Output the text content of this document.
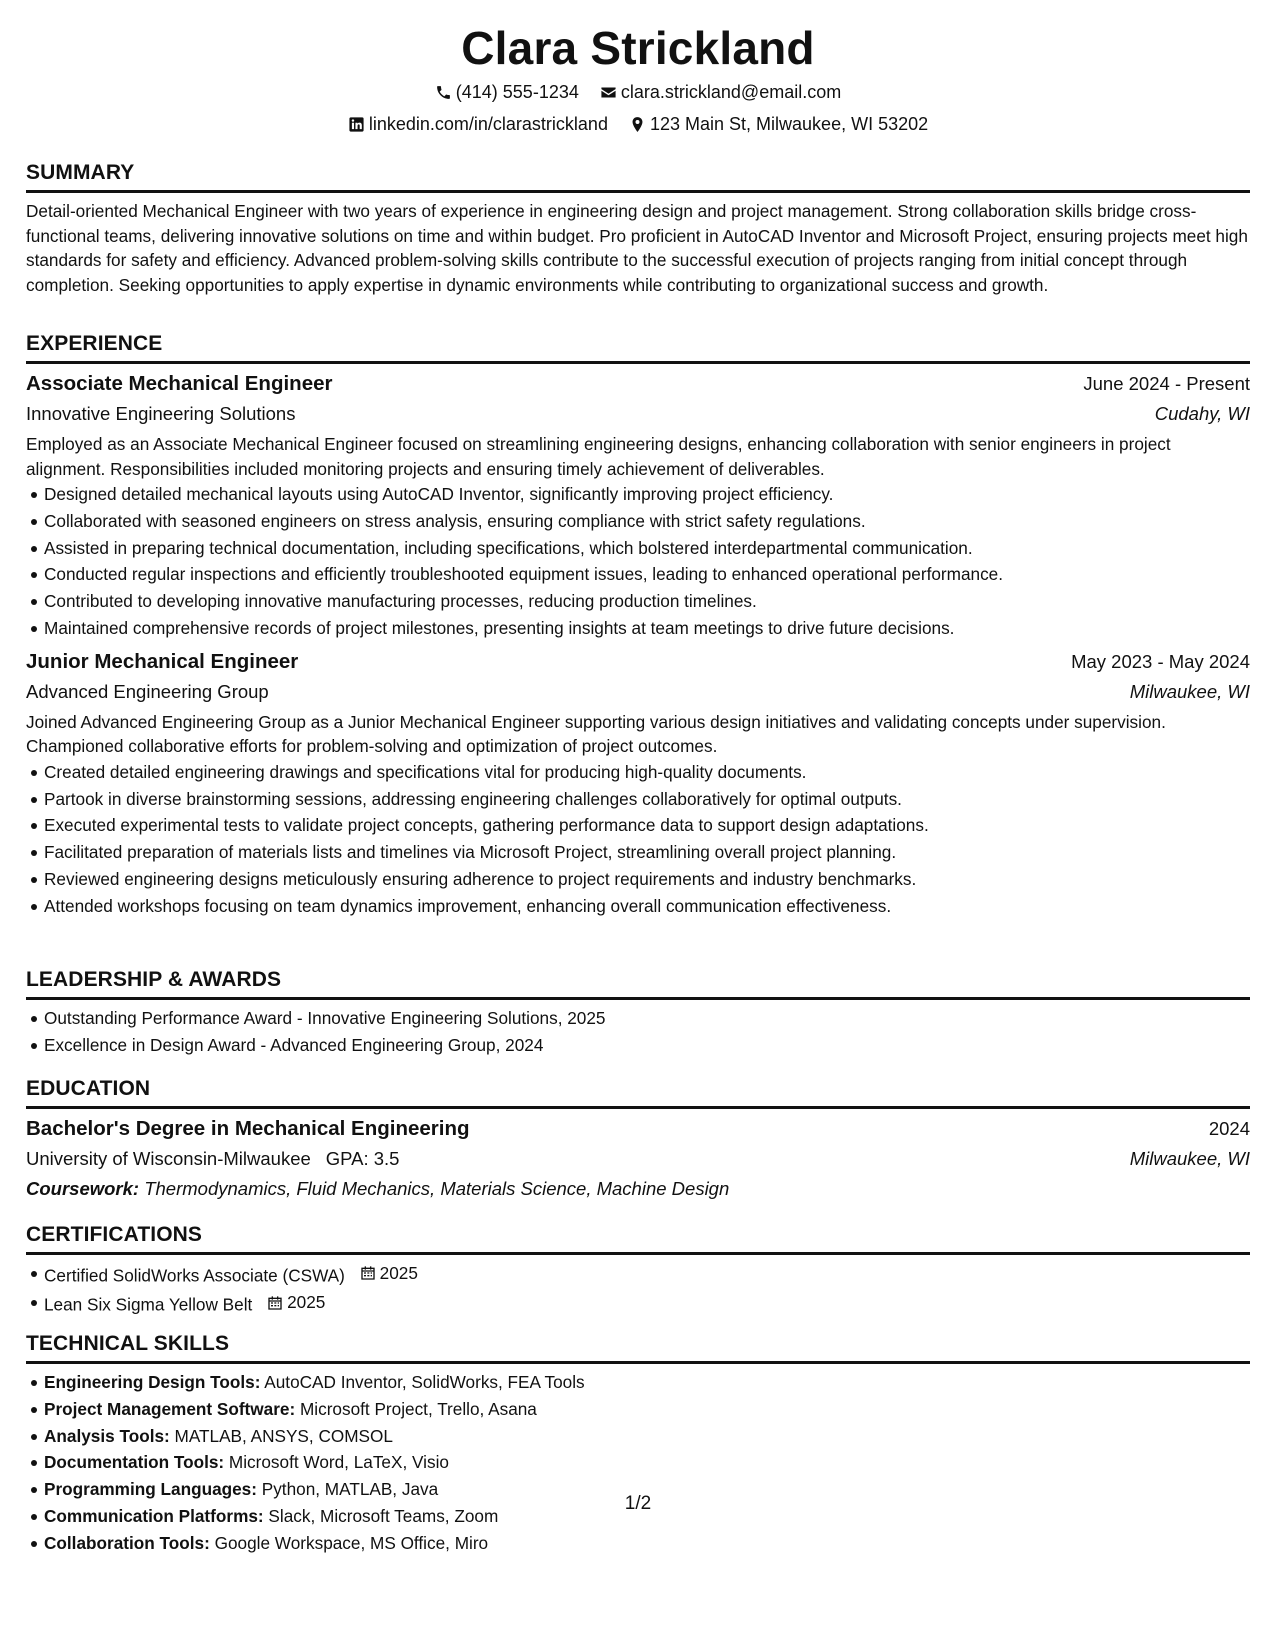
Clara Strickland
(414) 555-1234
clara.strickland@email.com
linkedin.com/in/clarastrickland
123 Main St, Milwaukee, WI 53202
SUMMARY

Detail-oriented Mechanical Engineer with two years of experience in engineering design and project management. Strong collaboration skills bridge cross-functional teams, delivering innovative solutions on time and within budget. Pro proficient in AutoCAD Inventor and Microsoft Project, ensuring projects meet high standards for safety and efficiency. Advanced problem-solving skills contribute to the successful execution of projects ranging from initial concept through completion. Seeking opportunities to apply expertise in dynamic environments while contributing to organizational success and growth.

EXPERIENCE
Associate Mechanical Engineer	June 2024 - Present
Innovative Engineering Solutions	Cudahy, WI

Employed as an Associate Mechanical Engineer focused on streamlining engineering designs, enhancing collaboration with senior engineers in project alignment. Responsibilities included monitoring projects and ensuring timely achievement of deliverables.

Designed detailed mechanical layouts using AutoCAD Inventor, significantly improving project efficiency.
Collaborated with seasoned engineers on stress analysis, ensuring compliance with strict safety regulations.
Assisted in preparing technical documentation, including specifications, which bolstered interdepartmental communication.
Conducted regular inspections and efficiently troubleshooted equipment issues, leading to enhanced operational performance.
Contributed to developing innovative manufacturing processes, reducing production timelines.
Maintained comprehensive records of project milestones, presenting insights at team meetings to drive future decisions.
Junior Mechanical Engineer	May 2023 - May 2024
Advanced Engineering Group	Milwaukee, WI

Joined Advanced Engineering Group as a Junior Mechanical Engineer supporting various design initiatives and validating concepts under supervision. Championed collaborative efforts for problem-solving and optimization of project outcomes.

Created detailed engineering drawings and specifications vital for producing high-quality documents.
Partook in diverse brainstorming sessions, addressing engineering challenges collaboratively for optimal outputs.
Executed experimental tests to validate project concepts, gathering performance data to support design adaptations.
Facilitated preparation of materials lists and timelines via Microsoft Project, streamlining overall project planning.
Reviewed engineering designs meticulously ensuring adherence to project requirements and industry benchmarks.
Attended workshops focusing on team dynamics improvement, enhancing overall communication effectiveness.
LEADERSHIP & AWARDS
Outstanding Performance Award - Innovative Engineering Solutions, 2025
Excellence in Design Award - Advanced Engineering Group, 2024
EDUCATION
Bachelor's Degree in Mechanical Engineering	2024
University of Wisconsin-Milwaukee GPA: 3.5	Milwaukee, WI
Coursework: Thermodynamics, Fluid Mechanics, Materials Science, Machine Design
CERTIFICATIONS
Certified SolidWorks Associate (CSWA) 2025
Lean Six Sigma Yellow Belt 2025
TECHNICAL SKILLS
Engineering Design Tools: AutoCAD Inventor, SolidWorks, FEA Tools
Project Management Software: Microsoft Project, Trello, Asana
Analysis Tools: MATLAB, ANSYS, COMSOL
Documentation Tools: Microsoft Word, LaTeX, Visio
Programming Languages: Python, MATLAB, Java
Communication Platforms: Slack, Microsoft Teams, Zoom
Collaboration Tools: Google Workspace, MS Office, Miro
1/2
